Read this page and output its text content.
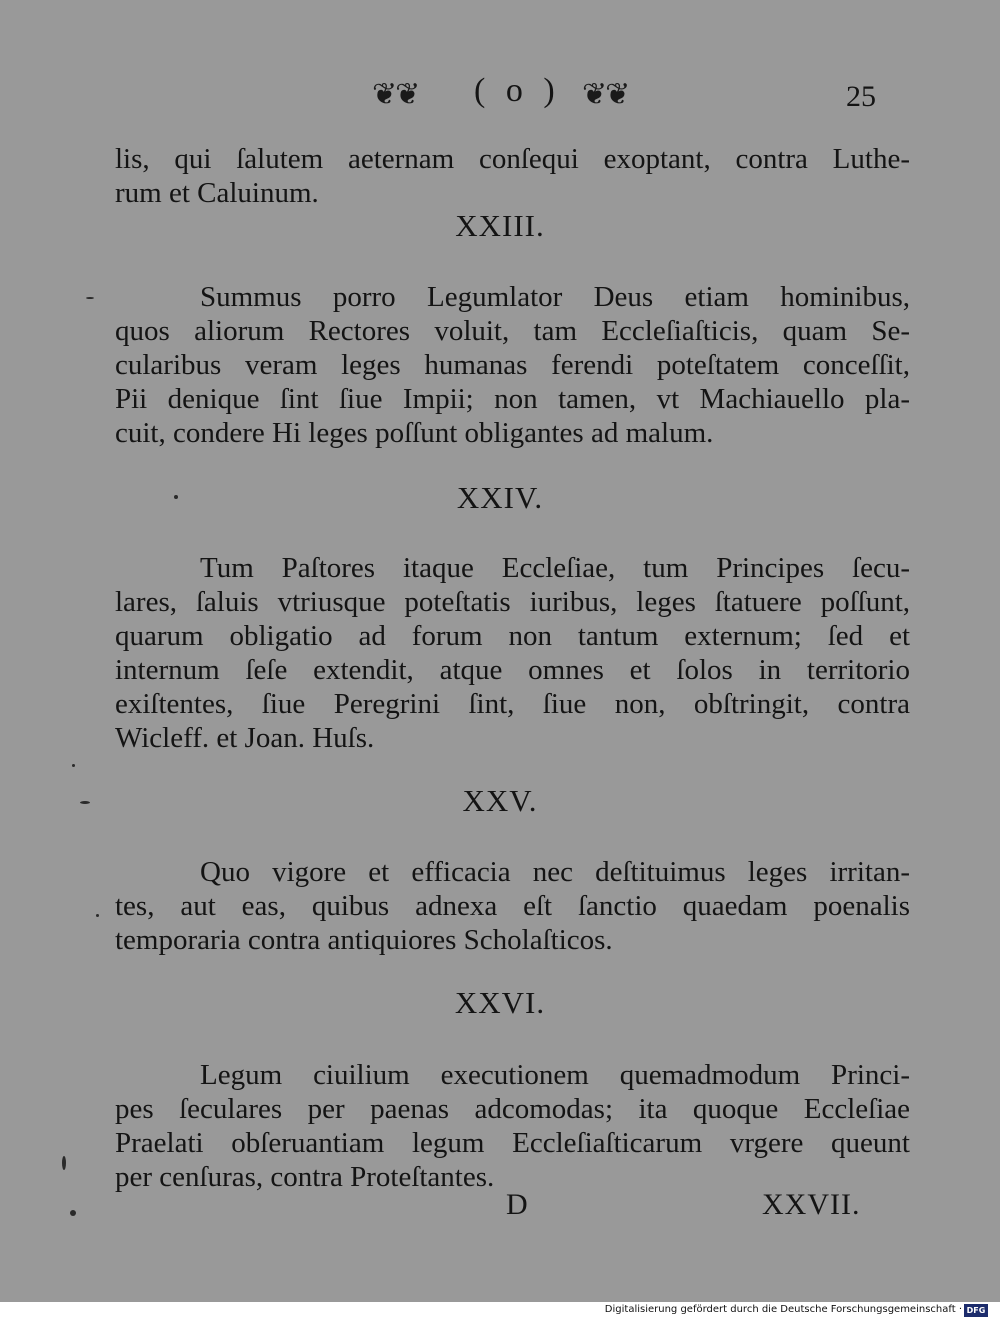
❦❦ ( o ) ❦❦	25
lis, qui ſalutem aeternam conſequi exoptant, contra Luthe-
rum et Caluinum.
XXIII.
Summus porro Legumlator Deus etiam hominibus,
quos aliorum Rectores voluit, tam Eccleſiaſticis, quam Se-
cularibus veram leges humanas ferendi poteſtatem conceſſit,
Pii denique ſint ſiue Impii; non tamen, vt Machiauello pla-
cuit, condere Hi leges poſſunt obligantes ad malum.
XXIV.
Tum Paſtores itaque Eccleſiae, tum Principes ſecu-
lares, ſaluis vtriusque poteſtatis iuribus, leges ſtatuere poſſunt,
quarum obligatio ad forum non tantum externum; ſed et
internum ſeſe extendit, atque omnes et ſolos in territorio
exiſtentes, ſiue Peregrini ſint, ſiue non, obſtringit, contra
Wicleff. et Joan. Huſs.
XXV.
Quo vigore et efficacia nec deſtituimus leges irritan-
tes, aut eas, quibus adnexa eſt ſanctio quaedam poenalis
temporaria contra antiquiores Scholaſticos.
XXVI.
Legum ciuilium executionem quemadmodum Princi-
pes ſeculares per paenas adcomodas; ita quoque Eccleſiae
Praelati obſeruantiam legum Eccleſiaſticarum vrgere queunt
per cenſuras, contra Proteſtantes.
D	XXVII.
Digitalisierung gefördert durch die Deutsche Forschungsgemeinschaft · DFG
